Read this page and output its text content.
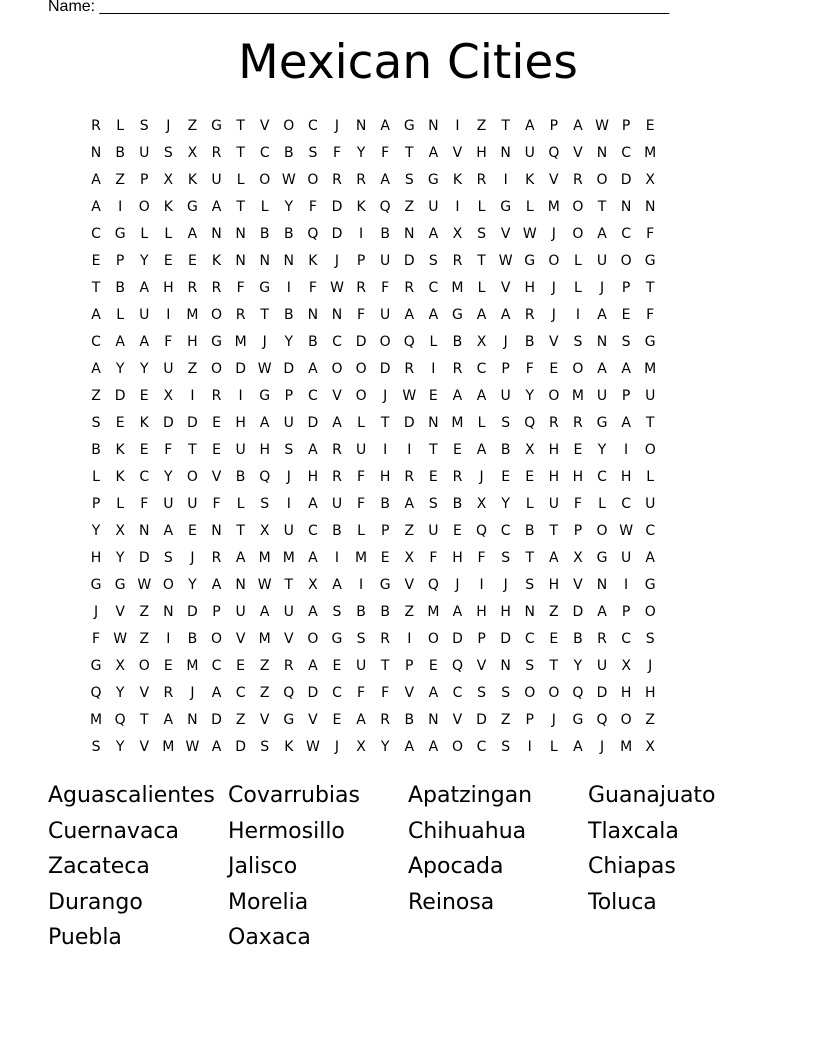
Name: ________________________________________________________________
Mexican Cities
R	L	S	J	Z G	T	V O C	J	N	A G N	I	Z	T	A	P	A W P	E
N	B	U	S	X	R	T	C	B	S	F	Y	F	T	A	V	H N U Q V	N C M
A	Z	P	X	K	U	L	O W O R	R	A	S	G	K	R	I	K	V	R O D X
A	I	O K	G A	T	L	Y	F	D	K Q Z	U	I	L	G	L	M O	T	N N
C G	L	L	A	N N	B	B Q D	I	B	N	A	X	S	V W	J	O A	C	F
E	P	Y	E	E	K	N N N	K	J	P	U D	S	R	T W G O	L	U O G
T	B	A	H R	R	F	G	I	F W R	F	R	C M	L	V	H	J	L	J	P	T
A	L	U	I	M O R	T	B	N N	F	U	A	A G A	A	R	J	I	A	E	F
C	A	A	F	H G M	J	Y	B	C D O Q	L	B	X	J	B	V	S	N	S	G
A	Y	Y	U	Z O D W D A O O D R	I	R	C	P	F	E	O A	A M
Z D	E	X	I	R	I	G	P	C	V O	J	W E	A	A	U	Y	O M U	P	U
S	E	K	D D	E	H	A	U D A	L	T	D N M	L	S	Q R	R G A	T
B	K	E	F	T	E	U H	S	A	R	U	I	I	T	E	A	B	X	H	E	Y	I	O
L	K	C	Y	O V	B Q	J	H R	F	H R	E	R	J	E	E	H H C H	L
P	L	F	U U	F	L	S	I	A	U	F	B	A	S	B	X	Y	L	U	F	L	C	U
Y	X	N	A	E	N	T	X	U	C	B	L	P	Z	U	E	Q C	B	T	P	O W C
H	Y	D	S	J	R	A M M A	I	M E	X	F	H	F	S	T	A	X G U	A
G G W O	Y	A	N W T	X	A	I	G V Q	J	I	J	S	H	V	N	I	G
J	V	Z	N D	P	U	A	U	A	S	B	B	Z M A	H H N	Z D A	P	O
F W Z	I	B O V M V O G	S	R	I	O D	P	D C	E	B	R	C	S
G X O	E M C	E	Z	R	A	E	U	T	P	E	Q V	N	S	T	Y	U	X	J
Q	Y	V	R	J	A	C	Z Q D C	F	F	V	A	C	S	S	O O Q D H H
M Q	T	A	N D Z	V G V	E	A	R	B	N	V D Z	P	J	G Q O Z
S	Y	V M W A D	S	K W	J	X	Y	A	A O C	S	I	L	A	J	M X
Aguascalientes Covarrubias	Apatzingan	Guanajuato
Cuernavaca	Hermosillo	Chihuahua	Tlaxcala
Zacateca	Jalisco	Apocada	Chiapas
Durango	Morelia	Reinosa	Toluca
Puebla	Oaxaca
